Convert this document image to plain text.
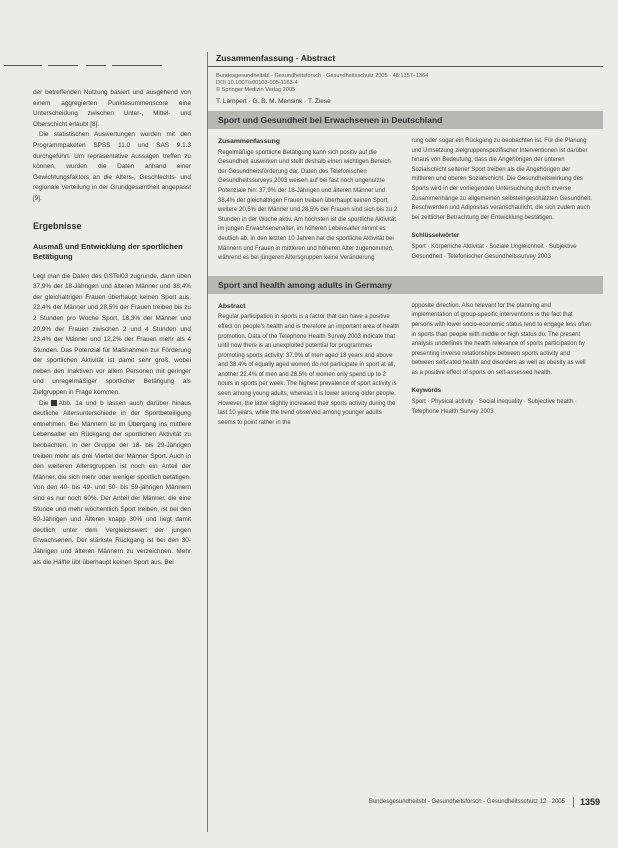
der betreffenden Nutzung basiert und ausgehend von einem aggregierten Punktesummenscore eine Unterscheidung zwischen Unter-, Mittel- und Oberschicht erlaubt [8].

Die statistischen Auswertungen wurden mit den Programmpaketen SPSS 11.0 und SAS 9.1.3 durchgeführt. Um repräsentative Aussagen treffen zu können, wurden die Daten anhand einer Gewichtungsfaktors an die Alters-, Geschlechts- und regionale Verteilung in der Grundgesamtheit angepasst [9].

Ergebnisse
Ausmaß und Entwicklung der sportlichen Betätigung

Legt man die Daten des GSTel03 zugrunde, dann üben 37,9% der 18-Jährigen und älteren Männer und 38,4% der gleichaltrigen Frauen überhaupt keinen Sport aus. 22,4% der Männer und 28,5% der Frauen treiben bis zu 2 Stunden pro Woche Sport, 18,3% der Männer und 20,9% der Frauen zwischen 2 und 4 Stunden und 23,4% der Männer und 12,2% der Frauen mehr als 4 Stunden. Das Potenzial für Maßnahmen zur Förderung der sportlichen Aktivität ist damit sehr groß, wobei neben den Inaktiven vor allem Personen mit geringer und unregelmäßiger sportlicher Betätigung als Zielgruppen in Frage kommen.

Die Abb. 1a und b lassen auch darüber hinaus deutliche Altersunterschiede in der Sportbeteiligung entnehmen. Bei Männern ist im Übergang ins mittlere Lebensalter ein Rückgang der sportlichen Aktivität zu beobachten. In der Gruppe der 18- bis 29-Jährigen treiben mehr als drei Viertel der Männer Sport. Auch in den weiteren Altersgruppen ist noch ein Anteil der Männer, die sich mehr oder weniger sportlich betätigen. Von den 40- bis 49- und 50- bis 59-jährigen Männern sind es nur noch 60%. Der Anteil der Männer, die eine Stunde und mehr wöchentlich Sport treiben, ist bei den 60-Jährigen und Älteren knapp 30% und liegt damit deutlich unter dem Vergleichswert der jungen Erwachsenen. Der stärkste Rückgang ist bei den 30-Jährigen und älteren Männern zu verzeichnen. Mehr als die Hälfte übt überhaupt keinen Sport aus. Bei

Zusammenfassung · Abstract
Bundesgesundheitsbl - Gesundheitsforsch - Gesundheitsschutz 2005 · 48:1357–1364
DOI 10.1007/s00103-005-1163-4
© Springer Medizin Verlag 2005
T. Lampert · G. B. M. Mensink · T. Ziese
Sport und Gesundheit bei Erwachsenen in Deutschland
Zusammenfassung
Regelmäßige sportliche Betätigung kann sich positiv auf die Gesundheit auswirken und stellt deshalb einen wichtigen Bereich der Gesundheitsförderung dar. Daten des Telefonischen Gesundheitssurveys 2003 weisen auf bei fast noch ungenutzte Potenziale hin: 37,9% der 18-Jährigen und älteren Männer und 38,4% der gleichaltrigen Frauen treiben überhaupt keinen Sport, weitere 20,5% der Männer und 28,5% der Frauen sind sich bis zu 2 Stunden in der Woche aktiv. Am höchsten ist die sportliche Aktivität im jungen Erwachsenenalter, im höheren Lebensalter nimmt es deutlich ab. In den letzten 10 Jahren hat die sportliche Aktivität bei Männern und Frauen in mittleren und höheren Alter zugenommen, während es bei jüngeren Altersgruppen keine Veränderung
rung oder sogar ein Rückgang zu beobachten ist. Für die Planung und Umsetzung zielgruppenspezifischer Interventionen ist darüber hinaus von Bedeutung, dass die Angehörigen der unteren Sozialschicht seltener Sport treiben als die Angehörigen der mittleren und oberen Sozialschicht. Die Gesundheitswirkung des Sports wird in der vorliegenden Untersuchung durch inverse Zusammenhänge zu allgemeinen selbsteingeschätzten Gesundheit, Beschwerden und Adipositas veranschaulicht, die sich zudem auch bei zeitlicher Betrachtung der Entwicklung bestätigen.
Schlüsselwörter
Sport · Körperliche Aktivität · Soziale Ungleichheit · Subjektive Gesundheit · Telefonischer Gesundheitssurvey 2003
Sport and health among adults in Germany
Abstract
Regular participation in sports is a factor that can have a positive effect on people's health and is therefore an important area of health promotion. Data of the Telephone Health Survey 2003 indicate that until now there is an unexploited potential for programmes promoting sports activity: 37.9% of men aged 18 years and above and 38.4% of equally aged women do not participate in sport at all, another 22.4% of men and 28.5% of women only spend up to 2 hours in sports per week. The highest prevalence of sport activity is seen among young adults, whereas it is lower among older people. However, the latter slightly increased their sports activity during the last 10 years, while the trend observed among younger adults seems to point rather in the
opposite direction. Also relevant for the planning and implementation of group-specific interventions is the fact that persons with lower socio-economic status tend to engage less often in sports than people with middle or high status do. The present analysis underlines the health relevance of sports participation by presenting inverse relationships between sports activity and between self-rated health and disorders as well as obesity as well as a positive effect of sports on self-assessed health.
Keywords
Sport · Physical activity · Social inequality · Subjective health · Telephone Health Survey 2003
Bundesgesundheitsbl - Gesundheitsforsch - Gesundheitsschutz 12 · 2005	1359
